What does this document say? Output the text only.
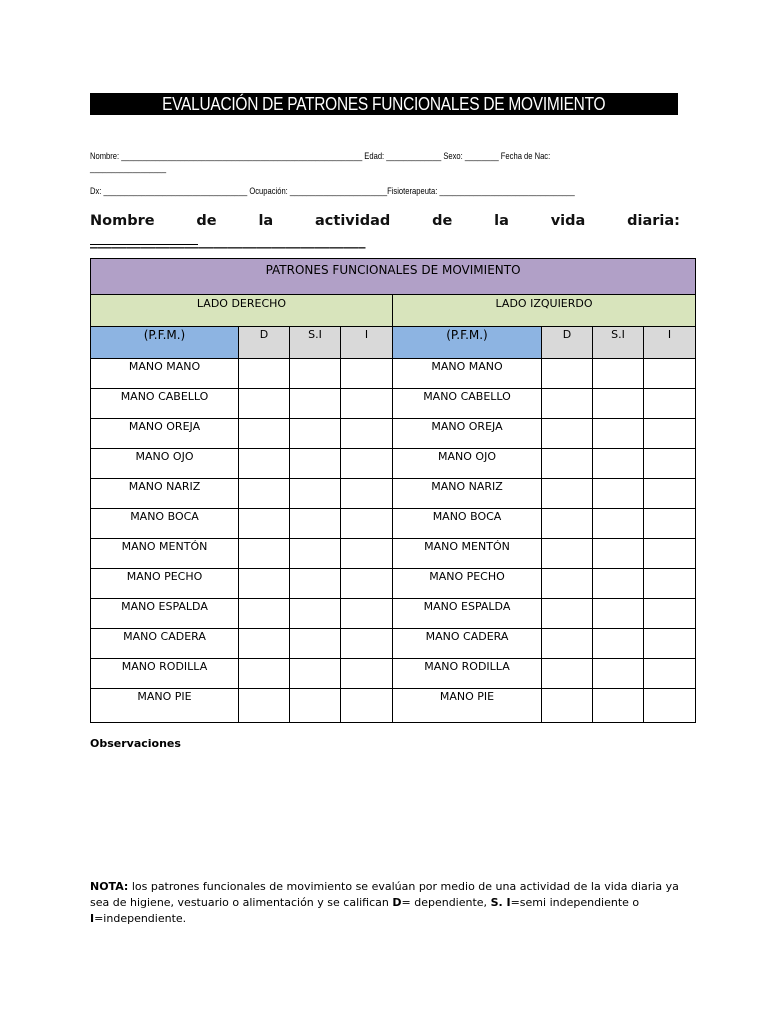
EVALUACIÓN DE PATRONES FUNCIONALES DE MOVIMIENTO
Nombre: _________________________________________________________ Edad: _____________ Sexo: ________ Fecha de Nac:
__________________
Dx: __________________________________ Ocupación: _______________________Fisioterapeuta: ________________________________
Nombre de la actividad de la vida diaria: ______________________________________
PATRONES FUNCIONALES DE MOVIMIENTO							
LADO DERECHO				LADO IZQUIERDO			
(P.F.M.)	D	S.I	I	(P.F.M.)	D	S.I	I
MANO MANO				MANO MANO			
MANO CABELLO				MANO CABELLO			
MANO OREJA				MANO OREJA			
MANO OJO				MANO OJO			
MANO NARIZ				MANO NARIZ			
MANO BOCA				MANO BOCA			
MANO MENTÓN				MANO MENTÓN			
MANO PECHO				MANO PECHO			
MANO ESPALDA				MANO ESPALDA			
MANO CADERA				MANO CADERA			
MANO RODILLA				MANO RODILLA			
MANO PIE				MANO PIE			
Observaciones
NOTA: los patrones funcionales de movimiento se evalúan por medio de una actividad de la vida diaria ya sea de higiene, vestuario o alimentación y se califican D= dependiente, S. I=semi independiente o I=independiente.
